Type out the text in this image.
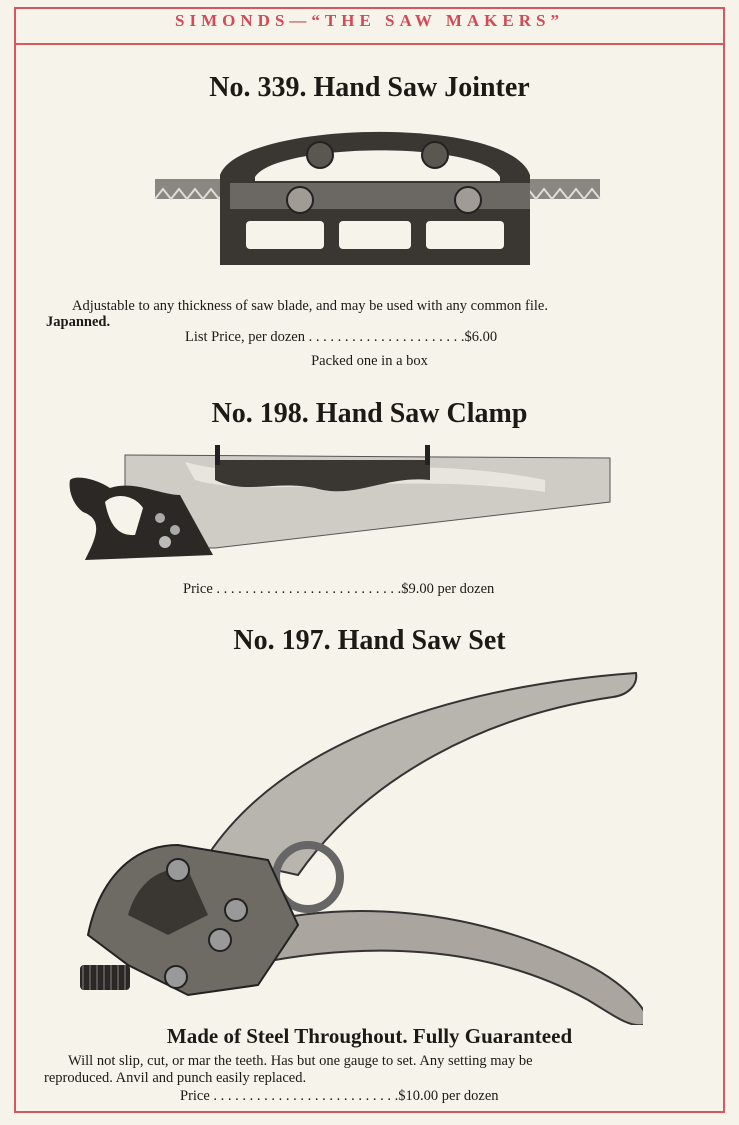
SIMONDS—“THE SAW MAKERS”
No. 339. Hand Saw Jointer
Adjustable to any thickness of saw blade, and may be used with any common file.
Japanned.
List Price, per dozen . . . . . . . . . . . . . . . . . . . . . .$6.00
Packed one in a box
No. 198. Hand Saw Clamp
Price . . . . . . . . . . . . . . . . . . . . . . . . . .$9.00 per dozen
No. 197. Hand Saw Set
Made of Steel Throughout. Fully Guaranteed
Will not slip, cut, or mar the teeth. Has but one gauge to set. Any setting may be
reproduced. Anvil and punch easily replaced.
Price . . . . . . . . . . . . . . . . . . . . . . . . . .$10.00 per dozen
